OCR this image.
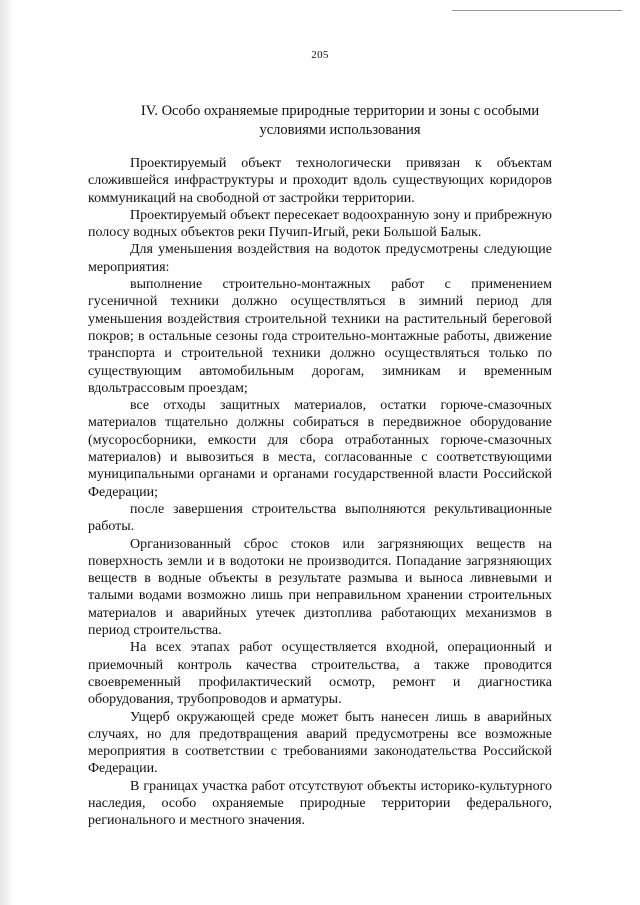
205
IV. Особо охраняемые природные территории и зоны с особыми условиями использования

Проектируемый объект технологически привязан к объектам сложившейся инфраструктуры и проходит вдоль существующих коридоров коммуникаций на свободной от застройки территории.

Проектируемый объект пересекает водоохранную зону и прибрежную полосу водных объектов реки Пучип-Игый, реки Большой Балык.

Для уменьшения воздействия на водоток предусмотрены следующие мероприятия:

выполнение строительно-монтажных работ с применением гусеничной техники должно осуществляться в зимний период для уменьшения воздействия строительной техники на растительный береговой покров; в остальные сезоны года строительно-монтажные работы, движение транспорта и строительной техники должно осуществляться только по существующим автомобильным дорогам, зимникам и временным вдольтрассовым проездам;

все отходы защитных материалов, остатки горюче-смазочных материалов тщательно должны собираться в передвижное оборудование (мусоросборники, емкости для сбора отработанных горюче-смазочных материалов) и вывозиться в места, согласованные с соответствующими муниципальными органами и органами государственной власти Российской Федерации;

после завершения строительства выполняются рекультивационные работы.

Организованный сброс стоков или загрязняющих веществ на поверхность земли и в водотоки не производится. Попадание загрязняющих веществ в водные объекты в результате размыва и выноса ливневыми и талыми водами возможно лишь при неправильном хранении строительных материалов и аварийных утечек дизтоплива работающих механизмов в период строительства.

На всех этапах работ осуществляется входной, операционный и приемочный контроль качества строительства, а также проводится своевременный профилактический осмотр, ремонт и диагностика оборудования, трубопроводов и арматуры.

Ущерб окружающей среде может быть нанесен лишь в аварийных случаях, но для предотвращения аварий предусмотрены все возможные мероприятия в соответствии с требованиями законодательства Российской Федерации.

В границах участка работ отсутствуют объекты историко-культурного наследия, особо охраняемые природные территории федерального, регионального и местного значения.
